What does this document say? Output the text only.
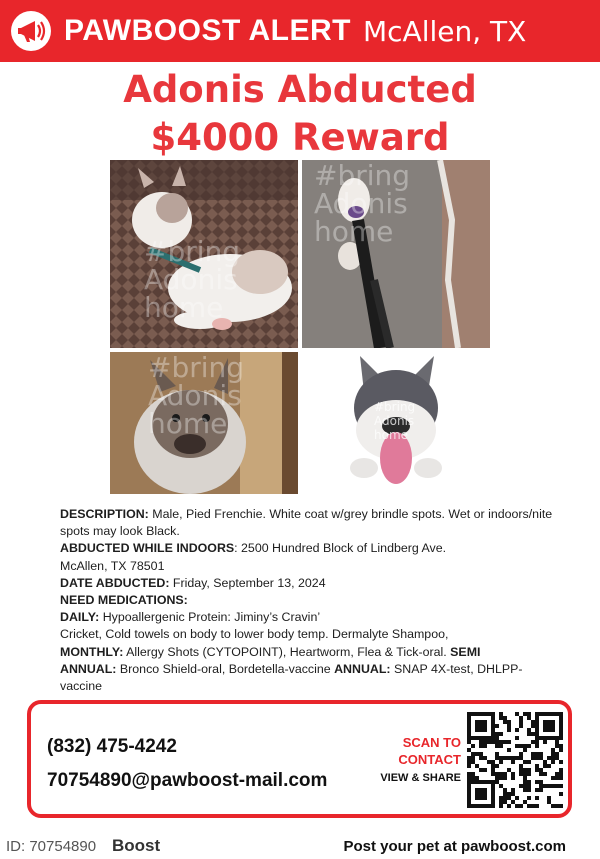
PAWBOOST ALERT McAllen, TX
Adonis Abducted
$4000 Reward
#bring
Adonis
home
#bring
Adonis
home
#bring
Adonis
home	#bring
Adonis
home
DESCRIPTION: Male, Pied Frenchie. White coat w/grey brindle spots. Wet or indoors/nite spots may look Black.
ABDUCTED WHILE INDOORS: 2500 Hundred Block of Lindberg Ave.
McAllen, TX 78501
DATE ABDUCTED: Friday, September 13, 2024
NEED MEDICATIONS:
DAILY: Hypoallergenic Protein: Jiminy’s Cravin’
Cricket, Cold towels on body to lower body temp. Dermalyte Shampoo,
MONTHLY: Allergy Shots (CYTOPOINT), Heartworm, Flea & Tick-oral. SEMI
ANNUAL: Bronco Shield-oral, Bordetella-vaccine ANNUAL: SNAP 4X-test, DHLPP-
vaccine
(832) 475-4242
70754890@pawboost-mail.com
SCAN TO
CONTACT
VIEW & SHARE
ID: 70754890 Boost	Post your pet at pawboost.com
